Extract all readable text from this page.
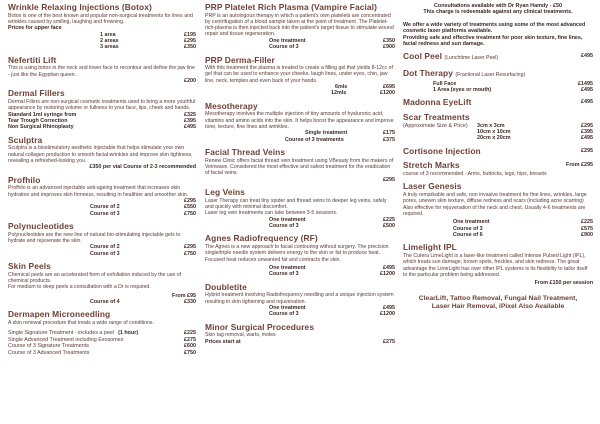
Wrinkle Relaxing Injections (Botox)

Botox is one of the best known and popular non-surgical treatments for lines and wrinkles caused by smiling, laughing and frowning.

Prices for upper face
1 area	£195
2 areas	£295
3 areas	£350
Nefertiti Lift

This is using botox in the neck and lower face to recontour and define the jaw line - just like the Egyptian queen.

£200
Dermal Fillers

Dermal Fillers are non-surgical cosmetic treatments used to bring a more youthful appearance by restoring volume or fullness to your face, lips, cheek and hands.

Standard 1ml syringe from	£325
Tear Trough Correction	£395
Non Surgical Rhinoplasty	£495
Sculptra

Sculptra is a biostimulatory aesthetic injectable that helps stimulate your own natural collagen production to smooth facial wrinkles and improve skin tightness, revealing a refreshed-looking you.

£350 per vial Course of 2-3 recommended
Profhilo

Profhilo is an advanced injectable anti-ageing treatment that increases skin hydration and improves skin firmness, resulting in healthier and smoother skin.

£295
Course of 2	£550
Course of 3	£750
Polynucleotides

Polynucleotides are the new line of natural bio-stimulating injectable gels to hydrate and rejuvenate the skin.

Course of 2	£295
Course of 3	£750
Skin Peels

Chemical peels are an accelerated form of exfoliation induced by the use of chemical products.

For medium to deep peels a consultation with a Dr is required.

From £95
Course of 4	£330
Dermapen Microneedling

A skin renewal procedure that treats a wide range of conditions.

Single Signature Treatment - includes a peel (1 hour)	£225
Single Advanced Treatment including Exosomes	£275
Course of 3 Signature Treatments	£600
Course of 3 Advanced Treatments	£750
PRP Platelet Rich Plasma (Vampire Facial)

PRP is an autologous therapy in which a patient's own platelets are concentrated by centrifugation of a blood sample taken at the point of treatment. The Platelet-rich-plasma is then injected back into the patient's target tissue to stimulate wound repair and tissue regeneration.

One treatment	£350
Course of 3	£900
PRP Derma-Filler

With this treatment the plasma is treated to create a filling gel that yields 8-12cc of gel that can be used to enhance your cheeks, laugh lines, under eyes, chin, jaw line, neck, temples and even back of your hands.

6mls	£695
12mls	£1200
Mesotherapy

Mesotherapy involves the multiple injection of tiny amounts of hyaluronic acid, vitamins and amino acids into the skin. It helps boost the appearance and improve tone, texture, fine lines and wrinkles.

Single treatment	£175
Course of 3 treatments	£375
Facial Thread Veins

Renew Clinic offers facial thread vein treatment using VBeauty from the makers of Veinwave. Considered the most effective and safest treatment for the eradication of facial veins.

£295
Leg Veins

Laser Therapy can treat tiny spider and thread veins to deeper leg veins, safely and quickly with minimal discomfort.

Laser leg vein treatments can take between 3-5 sessions.

One treatment	£225
Course of 3	£500
Agnes Radiofrequency (RF)

The Agnes is a new approach to facial contouring without surgery. The precision single/triple needle system delivers energy to the skin or fat to produce heat. Focused heat reduces unwanted fat and contracts the skin.

One treatment	£495
Course of 3	£1200
Doubletite

Hybrid treatment involving Radiofrequency needling and a unique injection system resulting in skin tightening and rejuvenation.

One treatment	£495
Course of 3	£1200
Minor Surgical Procedures

Skin tag removal, warts, moles

Prices start at	£275
Consultations available with Dr Ryan Hamdy - £50
This charge is redeemable against any clinical treatments.
We offer a wide variety of treatments using some of the most advanced cosmetic laser platforms available.
Providing safe and effective treatment for poor skin texture, fine lines, facial redness and sun damage.
Cool Peel (Lunchtime Laser Peel)	£495
Dot Therapy (Fractional Laser Resurfacing)
Full Face	£1495
1 Area (eyes or mouth)	£495
Madonna EyeLift	£495
Scar Treatments
(Approximate Size & Price)	3cm x 3cm	£295
10cm x 10cm	£395
20cm x 20cm	£495
Cortisone Injection	£295
Stretch Marks	From £295

course of 3 recommended - Arms, buttocks, legs, hips, breasts

Laser Genesis

A truly remarkable and safe, non invasive treatment for fine lines, wrinkles, large pores, uneven skin texture, diffuse redness and scars (including acne scarring)

Also effective for rejuvenation of the neck and chest. Usually 4-6 treatments are required.

One treatment	£225
Course of 3	£575
Course of 6	£900
Limelight IPL

The Cutera LimeLight is a laser-like treatment called Intense Pulsed Light (IPL), which treats sun damage, brown spots, freckles, and skin redness. The great advantage the LimeLight has over other IPL systems is its flexibility to tailor itself to the particular problem being addressed.

From £150 per session
ClearLift, Tattoo Removal, Fungal Nail Treatment,
Laser Hair Removal, iPixel Also Available
